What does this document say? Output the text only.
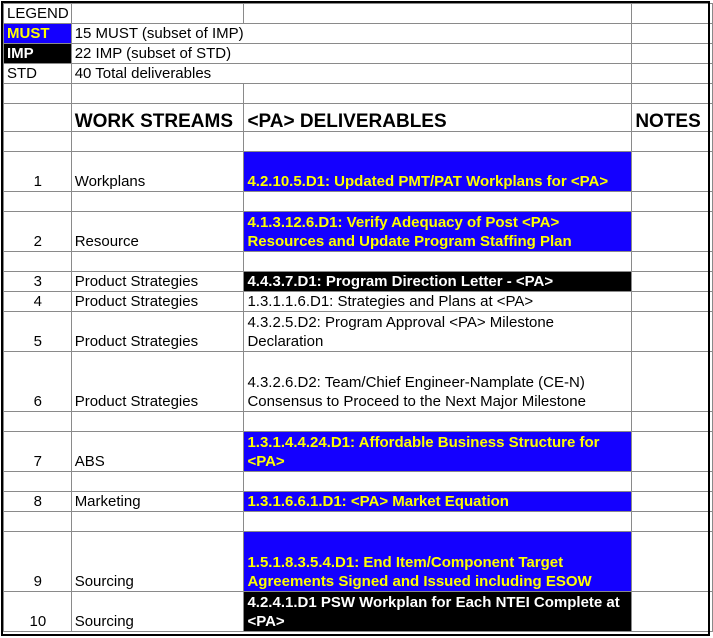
LEGEND			
MUST	15 MUST (subset of IMP)		
IMP	22 IMP (subset of STD)		
STD	40 Total deliverables		

	WORK STREAMS	<PA> DELIVERABLES	NOTES

1	Workplans	4.2.10.5.D1: Updated PMT/PAT Workplans for <PA>	

2	Resource	4.1.3.12.6.D1: Verify Adequacy of Post <PA> Resources and Update Program Staffing Plan	

3	Product Strategies	4.4.3.7.D1: Program Direction Letter - <PA>	
4	Product Strategies	1.3.1.1.6.D1: Strategies and Plans at <PA>	
5	Product Strategies	4.3.2.5.D2: Program Approval <PA> Milestone Declaration	
6	Product Strategies	4.3.2.6.D2: Team/Chief Engineer-Namplate (CE-N) Consensus to Proceed to the Next Major Milestone	

7	ABS	1.3.1.4.4.24.D1: Affordable Business Structure for <PA>	

8	Marketing	1.3.1.6.6.1.D1: <PA> Market Equation	

9	Sourcing	1.5.1.8.3.5.4.D1: End Item/Component Target Agreements Signed and Issued including ESOW	
10	Sourcing	4.2.4.1.D1 PSW Workplan for Each NTEI Complete at <PA>	
